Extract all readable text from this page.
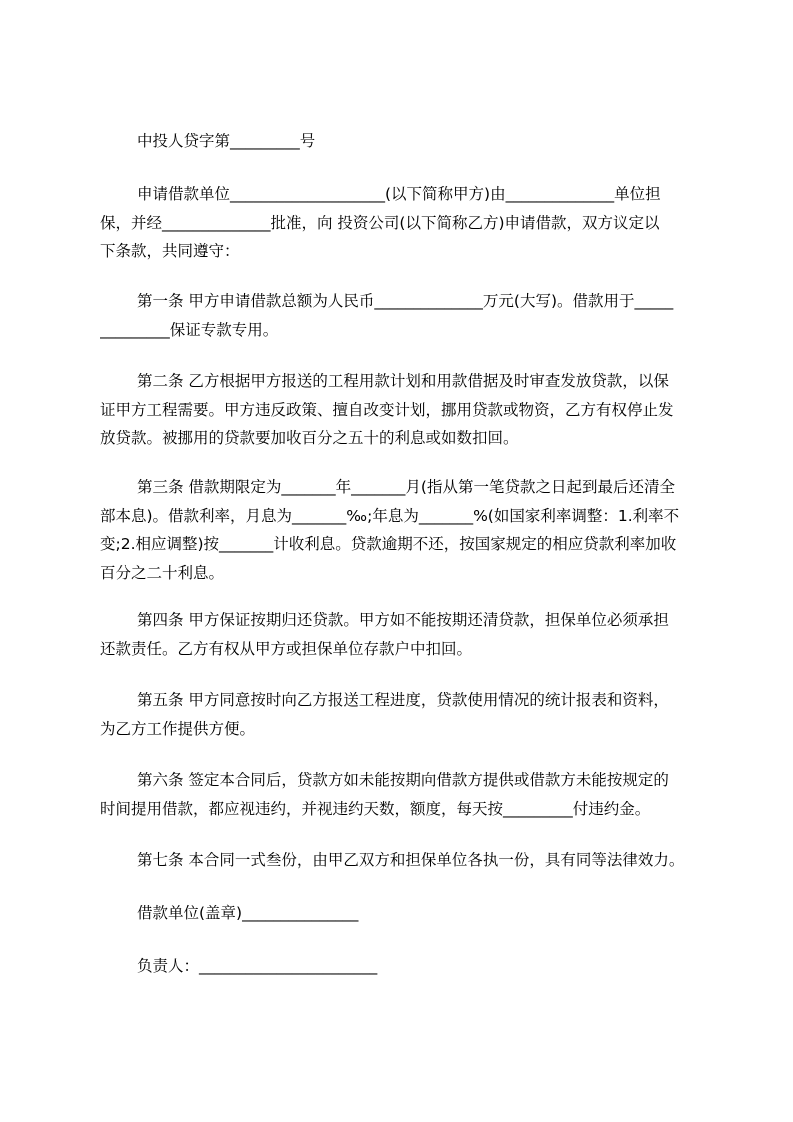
中投人贷字第_________号
申请借款单位____________________(以下简称甲方)由______________单位担
保，并经______________批准，向 投资公司(以下简称乙方)申请借款，双方议定以
下条款，共同遵守：
第一条 甲方申请借款总额为人民币______________万元(大写)。借款用于_____
_________保证专款专用。
第二条 乙方根据甲方报送的工程用款计划和用款借据及时审查发放贷款，以保
证甲方工程需要。甲方违反政策、擅自改变计划，挪用贷款或物资，乙方有权停止发
放贷款。被挪用的贷款要加收百分之五十的利息或如数扣回。
第三条 借款期限定为_______年_______月(指从第一笔贷款之日起到最后还清全
部本息)。借款利率，月息为_______‰;年息为_______%(如国家利率调整：1.利率不
变;2.相应调整)按_______计收利息。贷款逾期不还，按国家规定的相应贷款利率加收
百分之二十利息。
第四条 甲方保证按期归还贷款。甲方如不能按期还清贷款，担保单位必须承担
还款责任。乙方有权从甲方或担保单位存款户中扣回。
第五条 甲方同意按时向乙方报送工程进度，贷款使用情况的统计报表和资料，
为乙方工作提供方便。
第六条 签定本合同后，贷款方如未能按期向借款方提供或借款方未能按规定的
时间提用借款，都应视违约，并视违约天数，额度，每天按_________付违约金。
第七条 本合同一式叁份，由甲乙双方和担保单位各执一份，具有同等法律效力。
借款单位(盖章)_______________
负责人：_______________________
